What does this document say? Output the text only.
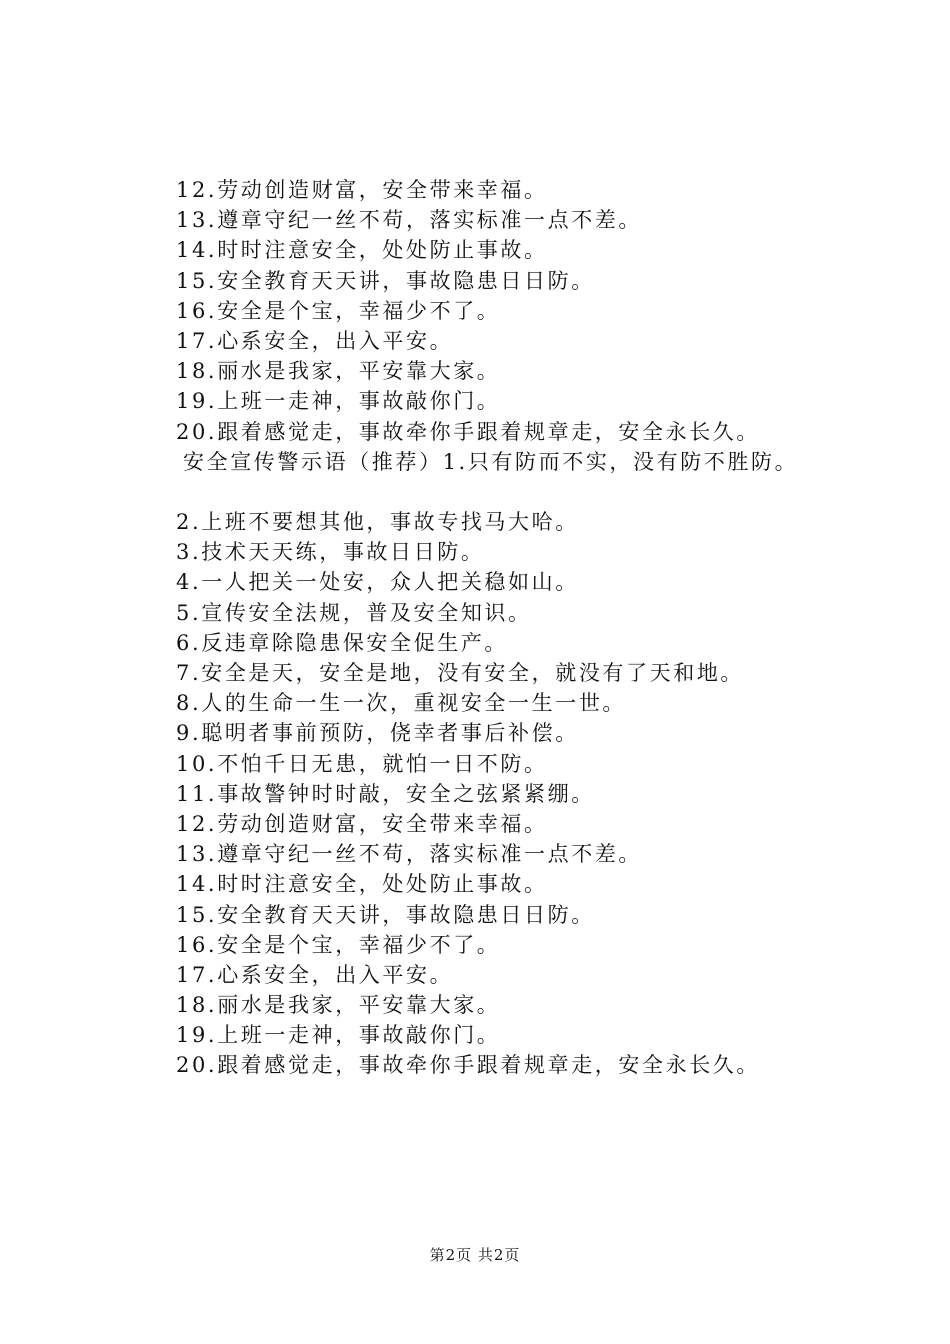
12.劳动创造财富，安全带来幸福。
13.遵章守纪一丝不苟，落实标准一点不差。
14.时时注意安全，处处防止事故。
15.安全教育天天讲，事故隐患日日防。
16.安全是个宝，幸福少不了。
17.心系安全，出入平安。
18.丽水是我家，平安靠大家。
19.上班一走神，事故敲你门。
20.跟着感觉走，事故牵你手跟着规章走，安全永长久。
安全宣传警示语（推荐）1.只有防而不实，没有防不胜防。
2.上班不要想其他，事故专找马大哈。
3.技术天天练，事故日日防。
4.一人把关一处安，众人把关稳如山。
5.宣传安全法规，普及安全知识。
6.反违章除隐患保安全促生产。
7.安全是天，安全是地，没有安全，就没有了天和地。
8.人的生命一生一次，重视安全一生一世。
9.聪明者事前预防，侥幸者事后补偿。
10.不怕千日无患，就怕一日不防。
11.事故警钟时时敲，安全之弦紧紧绷。
12.劳动创造财富，安全带来幸福。
13.遵章守纪一丝不苟，落实标准一点不差。
14.时时注意安全，处处防止事故。
15.安全教育天天讲，事故隐患日日防。
16.安全是个宝，幸福少不了。
17.心系安全，出入平安。
18.丽水是我家，平安靠大家。
19.上班一走神，事故敲你门。
20.跟着感觉走，事故牵你手跟着规章走，安全永长久。
第2页 共2页
